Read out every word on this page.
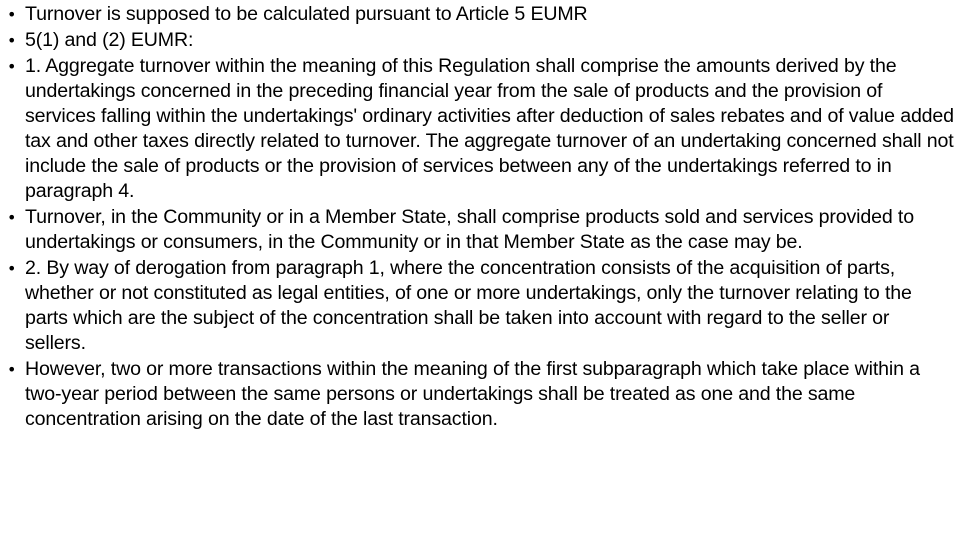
• Turnover is supposed to be calculated pursuant to Article 5 EUMR
• 5(1) and (2) EUMR:
• 1. Aggregate turnover within the meaning of this Regulation shall comprise the amounts derived by the undertakings concerned in the preceding financial year from the sale of products and the provision of services falling within the undertakings' ordinary activities after deduction of sales rebates and of value added tax and other taxes directly related to turnover. The aggregate turnover of an undertaking concerned shall not include the sale of products or the provision of services between any of the undertakings referred to in paragraph 4.
• Turnover, in the Community or in a Member State, shall comprise products sold and services provided to undertakings or consumers, in the Community or in that Member State as the case may be.
• 2. By way of derogation from paragraph 1, where the concentration consists of the acquisition of parts, whether or not constituted as legal entities, of one or more undertakings, only the turnover relating to the parts which are the subject of the concentration shall be taken into account with regard to the seller or sellers.
• However, two or more transactions within the meaning of the first subparagraph which take place within a two-year period between the same persons or undertakings shall be treated as one and the same concentration arising on the date of the last transaction.
